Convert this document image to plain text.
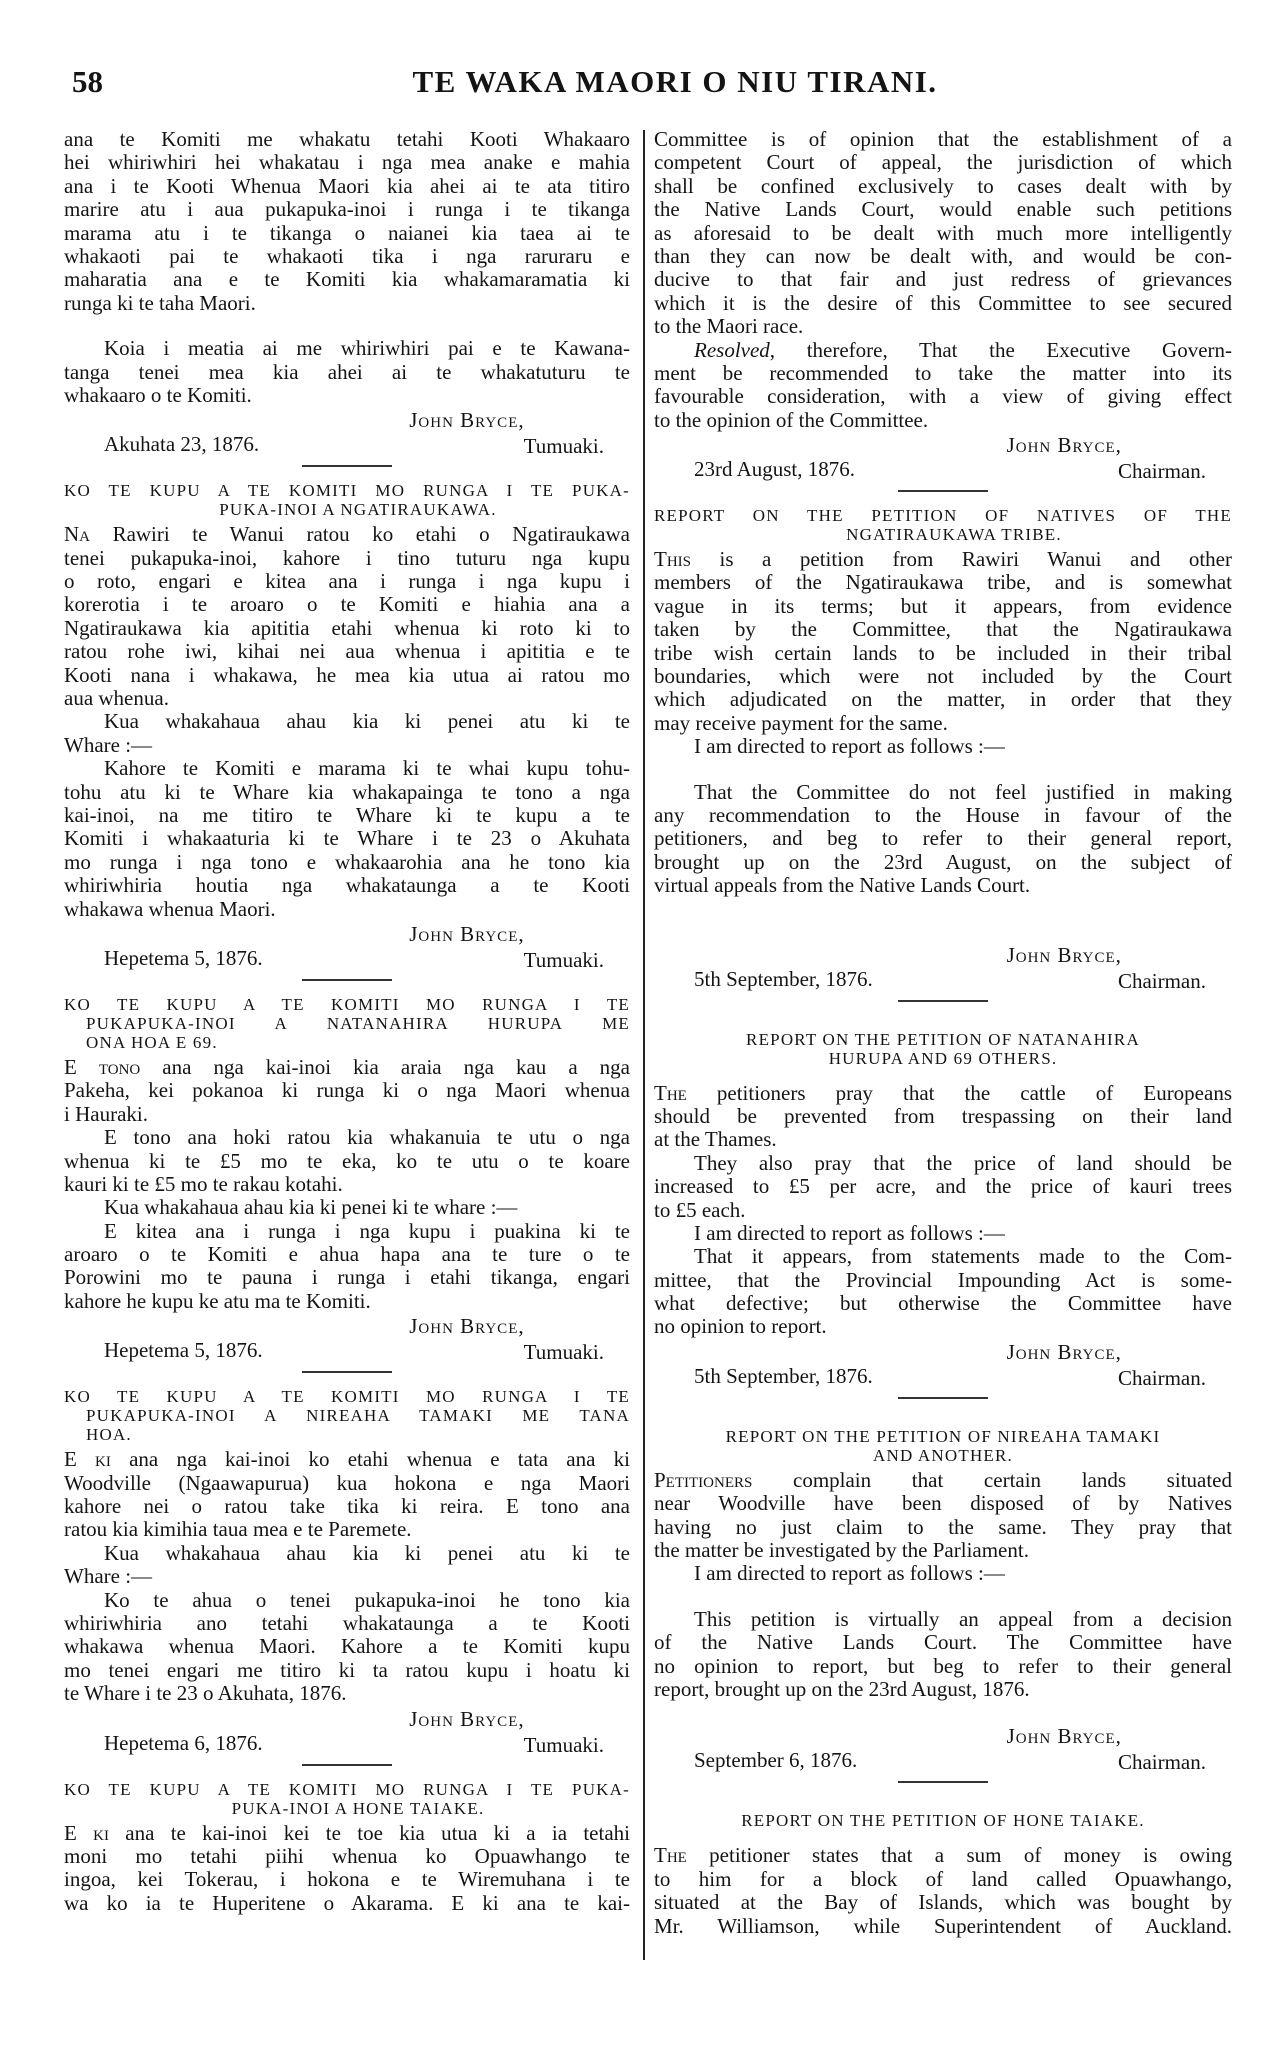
58	TE WAKA MAORI O NIU TIRANI.
ana te Komiti me whakatu tetahi Kooti Whakaaro
hei whiriwhiri hei whakatau i nga mea anake e mahia
ana i te Kooti Whenua Maori kia ahei ai te ata titiro
marire atu i aua pukapuka-inoi i runga i te tikanga
marama atu i te tikanga o naianei kia taea ai te
whakaoti pai te whakaoti tika i nga raruraru e
maharatia ana e te Komiti kia whakamaramatia ki
runga ki te taha Maori.
Koia i meatia ai me whiriwhiri pai e te Kawana-
tanga tenei mea kia ahei ai te whakatuturu te
whakaaro o te Komiti.
John Bryce,
Akuhata 23, 1876.	Tumuaki.
KO TE KUPU A TE KOMITI MO RUNGA I TE PUKA-
PUKA-INOI A NGATIRAUKAWA.
Na Rawiri te Wanui ratou ko etahi o Ngatiraukawa
tenei pukapuka-inoi, kahore i tino tuturu nga kupu
o roto, engari e kitea ana i runga i nga kupu i
korerotia i te aroaro o te Komiti e hiahia ana a
Ngatiraukawa kia apititia etahi whenua ki roto ki to
ratou rohe iwi, kihai nei aua whenua i apititia e te
Kooti nana i whakawa, he mea kia utua ai ratou mo
aua whenua.
Kua whakahaua ahau kia ki penei atu ki te
Whare :—
Kahore te Komiti e marama ki te whai kupu tohu-
tohu atu ki te Whare kia whakapainga te tono a nga
kai-inoi, na me titiro te Whare ki te kupu a te
Komiti i whakaaturia ki te Whare i te 23 o Akuhata
mo runga i nga tono e whakaarohia ana he tono kia
whiriwhiria houtia nga whakataunga a te Kooti
whakawa whenua Maori.
John Bryce,
Hepetema 5, 1876.	Tumuaki.
KO TE KUPU A TE KOMITI MO RUNGA I TE
PUKAPUKA-INOI A NATANAHIRA HURUPA ME
ONA HOA E 69.
E tono ana nga kai-inoi kia araia nga kau a nga
Pakeha, kei pokanoa ki runga ki o nga Maori whenua
i Hauraki.
E tono ana hoki ratou kia whakanuia te utu o nga
whenua ki te £5 mo te eka, ko te utu o te koare
kauri ki te £5 mo te rakau kotahi.
Kua whakahaua ahau kia ki penei ki te whare :—
E kitea ana i runga i nga kupu i puakina ki te
aroaro o te Komiti e ahua hapa ana te ture o te
Porowini mo te pauna i runga i etahi tikanga, engari
kahore he kupu ke atu ma te Komiti.
John Bryce,
Hepetema 5, 1876.	Tumuaki.
KO TE KUPU A TE KOMITI MO RUNGA I TE
PUKAPUKA-INOI A NIREAHA TAMAKI ME TANA
HOA.
E ki ana nga kai-inoi ko etahi whenua e tata ana ki
Woodville (Ngaawapurua) kua hokona e nga Maori
kahore nei o ratou take tika ki reira. E tono ana
ratou kia kimihia taua mea e te Paremete.
Kua whakahaua ahau kia ki penei atu ki te
Whare :—
Ko te ahua o tenei pukapuka-inoi he tono kia
whiriwhiria ano tetahi whakataunga a te Kooti
whakawa whenua Maori. Kahore a te Komiti kupu
mo tenei engari me titiro ki ta ratou kupu i hoatu ki
te Whare i te 23 o Akuhata, 1876.
John Bryce,
Hepetema 6, 1876.	Tumuaki.
KO TE KUPU A TE KOMITI MO RUNGA I TE PUKA-
PUKA-INOI A HONE TAIAKE.
E ki ana te kai-inoi kei te toe kia utua ki a ia tetahi
moni mo tetahi piihi whenua ko Opuawhango te
ingoa, kei Tokerau, i hokona e te Wiremuhana i te
wa ko ia te Huperitene o Akarama. E ki ana te kai-
Committee is of opinion that the establishment of a
competent Court of appeal, the jurisdiction of which
shall be confined exclusively to cases dealt with by
the Native Lands Court, would enable such petitions
as aforesaid to be dealt with much more intelligently
than they can now be dealt with, and would be con-
ducive to that fair and just redress of grievances
which it is the desire of this Committee to see secured
to the Maori race.
Resolved, therefore, That the Executive Govern-
ment be recommended to take the matter into its
favourable consideration, with a view of giving effect
to the opinion of the Committee.
John Bryce,
23rd August, 1876.	Chairman.
REPORT ON THE PETITION OF NATIVES OF THE
NGATIRAUKAWA TRIBE.
This is a petition from Rawiri Wanui and other
members of the Ngatiraukawa tribe, and is somewhat
vague in its terms; but it appears, from evidence
taken by the Committee, that the Ngatiraukawa
tribe wish certain lands to be included in their tribal
boundaries, which were not included by the Court
which adjudicated on the matter, in order that they
may receive payment for the same.
I am directed to report as follows :—
That the Committee do not feel justified in making
any recommendation to the House in favour of the
petitioners, and beg to refer to their general report,
brought up on the 23rd August, on the subject of
virtual appeals from the Native Lands Court.
John Bryce,
5th September, 1876.	Chairman.
REPORT ON THE PETITION OF NATANAHIRA
HURUPA AND 69 OTHERS.
The petitioners pray that the cattle of Europeans
should be prevented from trespassing on their land
at the Thames.
They also pray that the price of land should be
increased to £5 per acre, and the price of kauri trees
to £5 each.
I am directed to report as follows :—
That it appears, from statements made to the Com-
mittee, that the Provincial Impounding Act is some-
what defective; but otherwise the Committee have
no opinion to report.
John Bryce,
5th September, 1876.	Chairman.
REPORT ON THE PETITION OF NIREAHA TAMAKI
AND ANOTHER.
Petitioners complain that certain lands situated
near Woodville have been disposed of by Natives
having no just claim to the same. They pray that
the matter be investigated by the Parliament.
I am directed to report as follows :—
This petition is virtually an appeal from a decision
of the Native Lands Court. The Committee have
no opinion to report, but beg to refer to their general
report, brought up on the 23rd August, 1876.
John Bryce,
September 6, 1876.	Chairman.
REPORT ON THE PETITION OF HONE TAIAKE.
The petitioner states that a sum of money is owing
to him for a block of land called Opuawhango,
situated at the Bay of Islands, which was bought by
Mr. Williamson, while Superintendent of Auckland.
